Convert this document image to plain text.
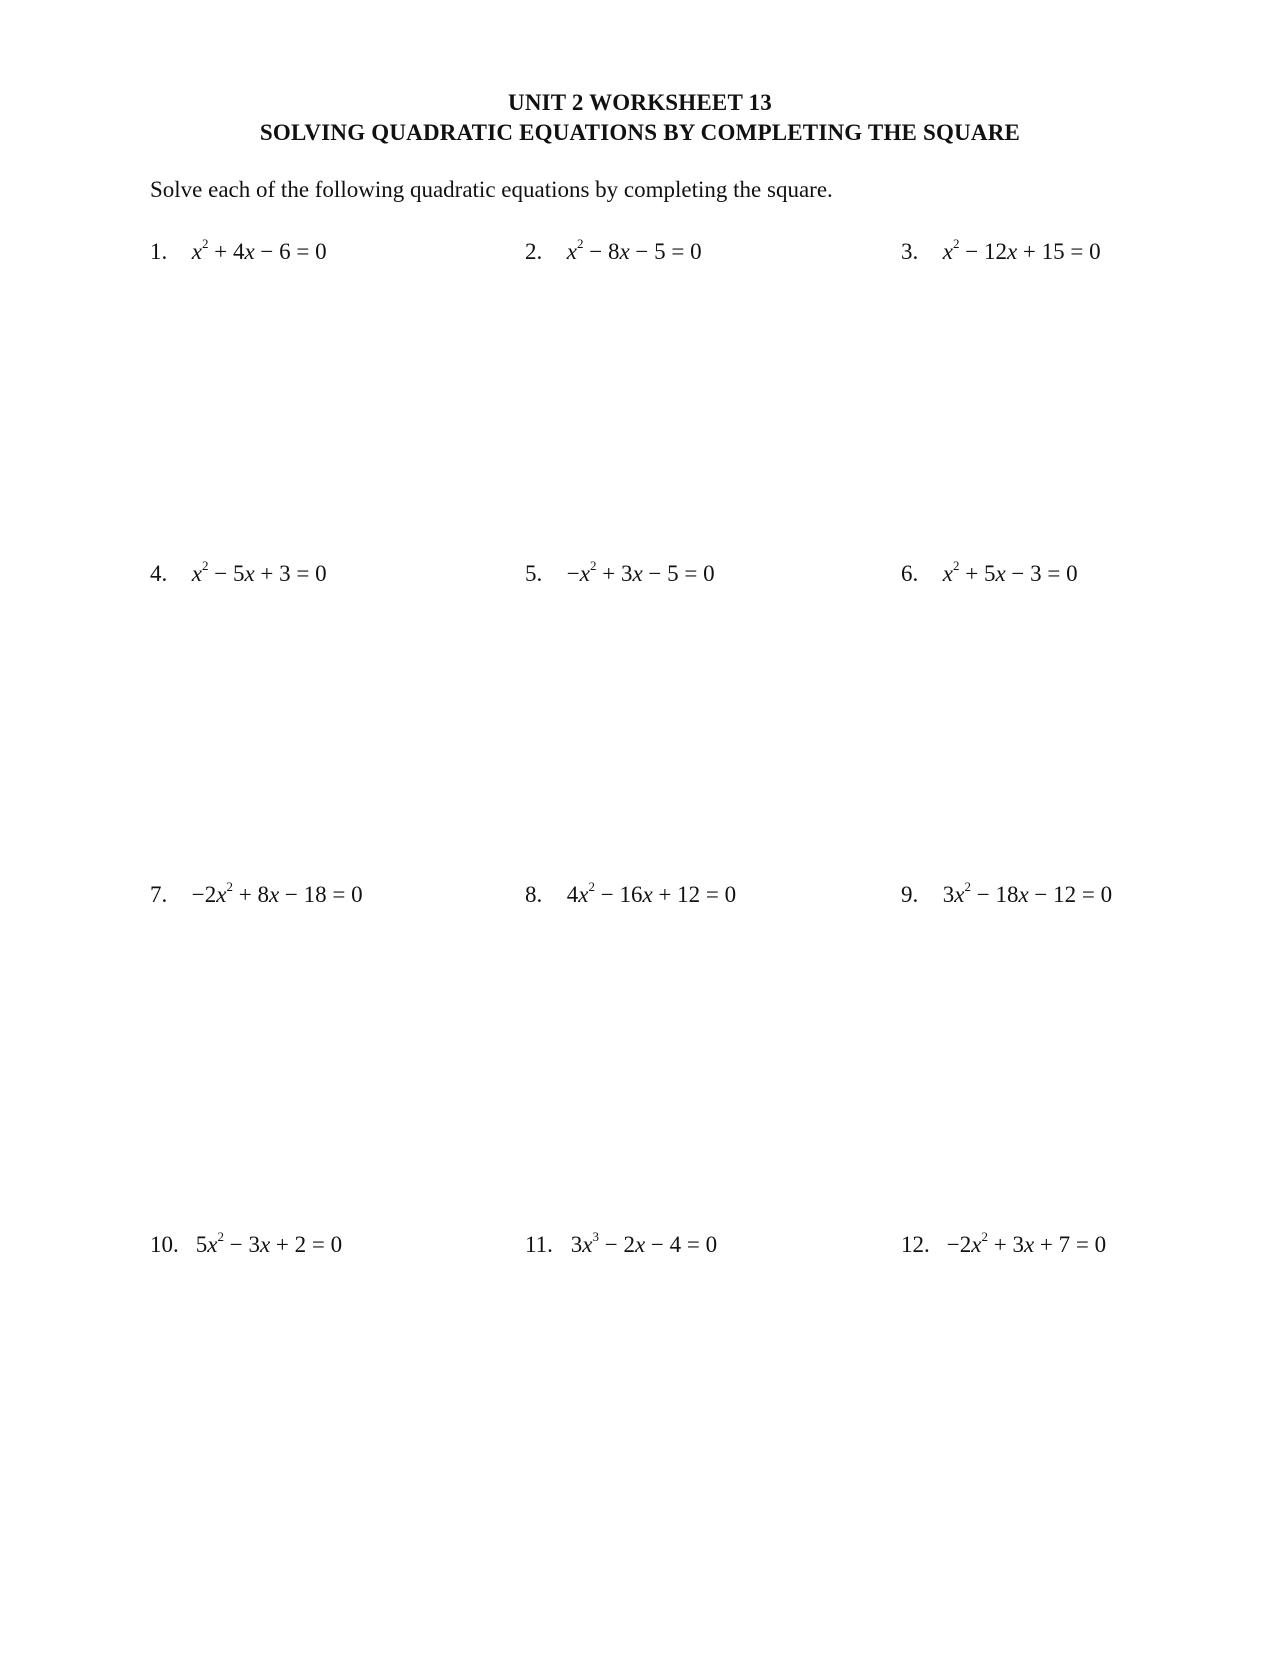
UNIT 2 WORKSHEET 13
SOLVING QUADRATIC EQUATIONS BY COMPLETING THE SQUARE
Solve each of the following quadratic equations by completing the square.
1. $x^2 + 4x - 6 = 0$	2. $x^2 - 8x - 5 = 0$	3. $x^2 - 12x + 15 = 0$
4. $x^2 - 5x + 3 = 0$	5. $-x^2 + 3x - 5 = 0$	6. $x^2 + 5x - 3 = 0$
7. $-2x^2 + 8x - 18 = 0$	8. $4x^2 - 16x + 12 = 0$	9. $3x^2 - 18x - 12 = 0$
10. $5x^2 - 3x + 2 = 0$	11. $3x^3 - 2x - 4 = 0$	12. $-2x^2 + 3x + 7 = 0$
